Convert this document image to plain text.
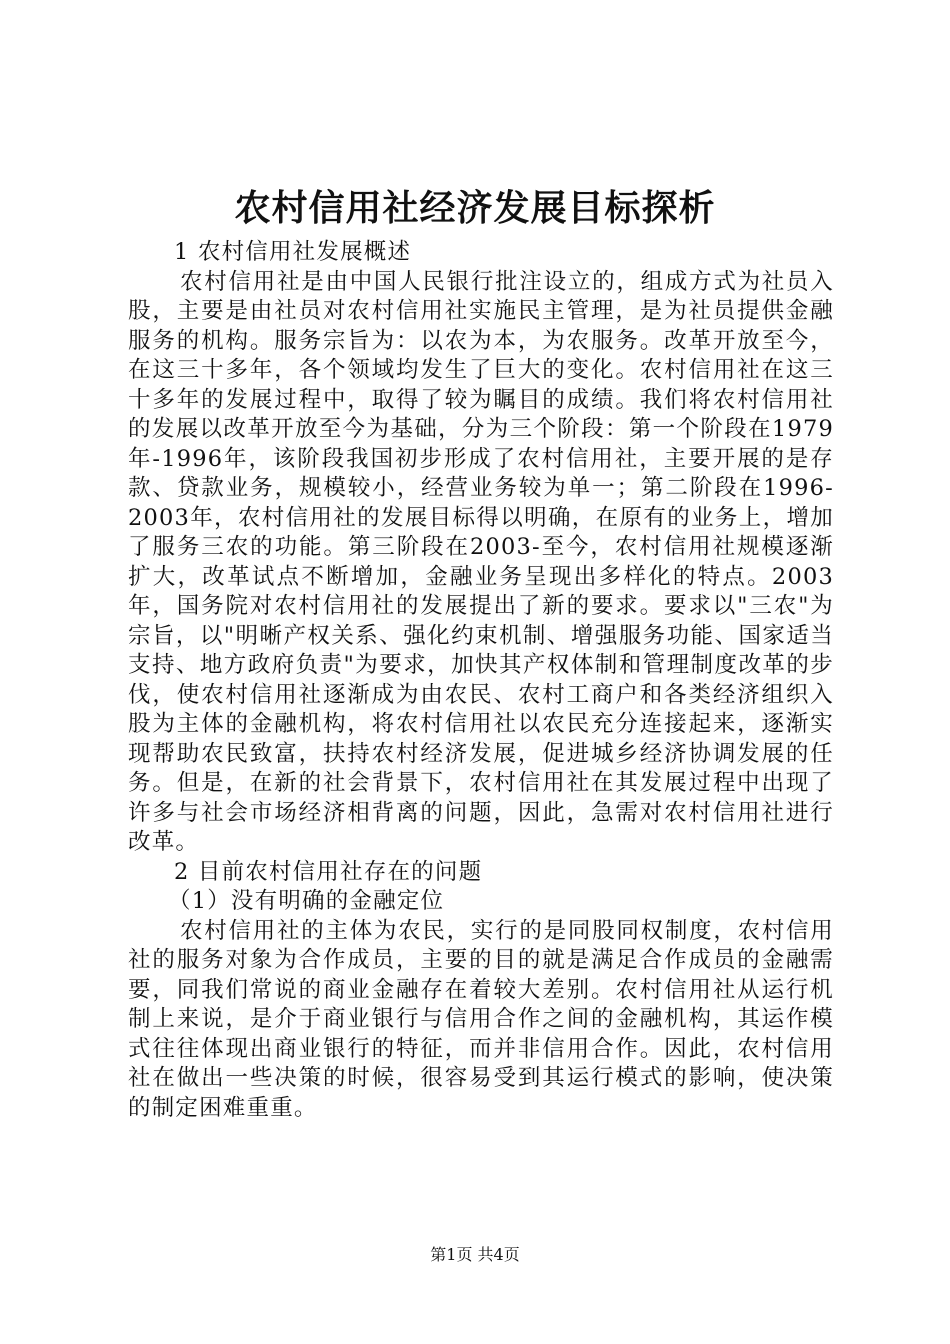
农村信用社经济发展目标探析

1 农村信用社发展概述

农村信用社是由中国人民银行批注设立的，组成方式为社员入股，主要是由社员对农村信用社实施民主管理，是为社员提供金融服务的机构。服务宗旨为：以农为本，为农服务。改革开放至今，在这三十多年，各个领域均发生了巨大的变化。农村信用社在这三十多年的发展过程中，取得了较为瞩目的成绩。我们将农村信用社的发展以改革开放至今为基础，分为三个阶段：第一个阶段在1979年-1996年，该阶段我国初步形成了农村信用社，主要开展的是存款、贷款业务，规模较小，经营业务较为单一；第二阶段在1996-2003年，农村信用社的发展目标得以明确，在原有的业务上，增加了服务三农的功能。第三阶段在2003-至今，农村信用社规模逐渐扩大，改革试点不断增加，金融业务呈现出多样化的特点。2003年，国务院对农村信用社的发展提出了新的要求。要求以"三农"为宗旨，以"明晰产权关系、强化约束机制、增强服务功能、国家适当支持、地方政府负责"为要求，加快其产权体制和管理制度改革的步伐，使农村信用社逐渐成为由农民、农村工商户和各类经济组织入股为主体的金融机构，将农村信用社以农民充分连接起来，逐渐实现帮助农民致富，扶持农村经济发展，促进城乡经济协调发展的任务。但是，在新的社会背景下，农村信用社在其发展过程中出现了许多与社会市场经济相背离的问题，因此，急需对农村信用社进行改革。

2 目前农村信用社存在的问题

（1）没有明确的金融定位

农村信用社的主体为农民，实行的是同股同权制度，农村信用社的服务对象为合作成员，主要的目的就是满足合作成员的金融需要，同我们常说的商业金融存在着较大差别。农村信用社从运行机制上来说，是介于商业银行与信用合作之间的金融机构，其运作模式往往体现出商业银行的特征，而并非信用合作。因此，农村信用社在做出一些决策的时候，很容易受到其运行模式的影响，使决策的制定困难重重。

第1页 共4页
